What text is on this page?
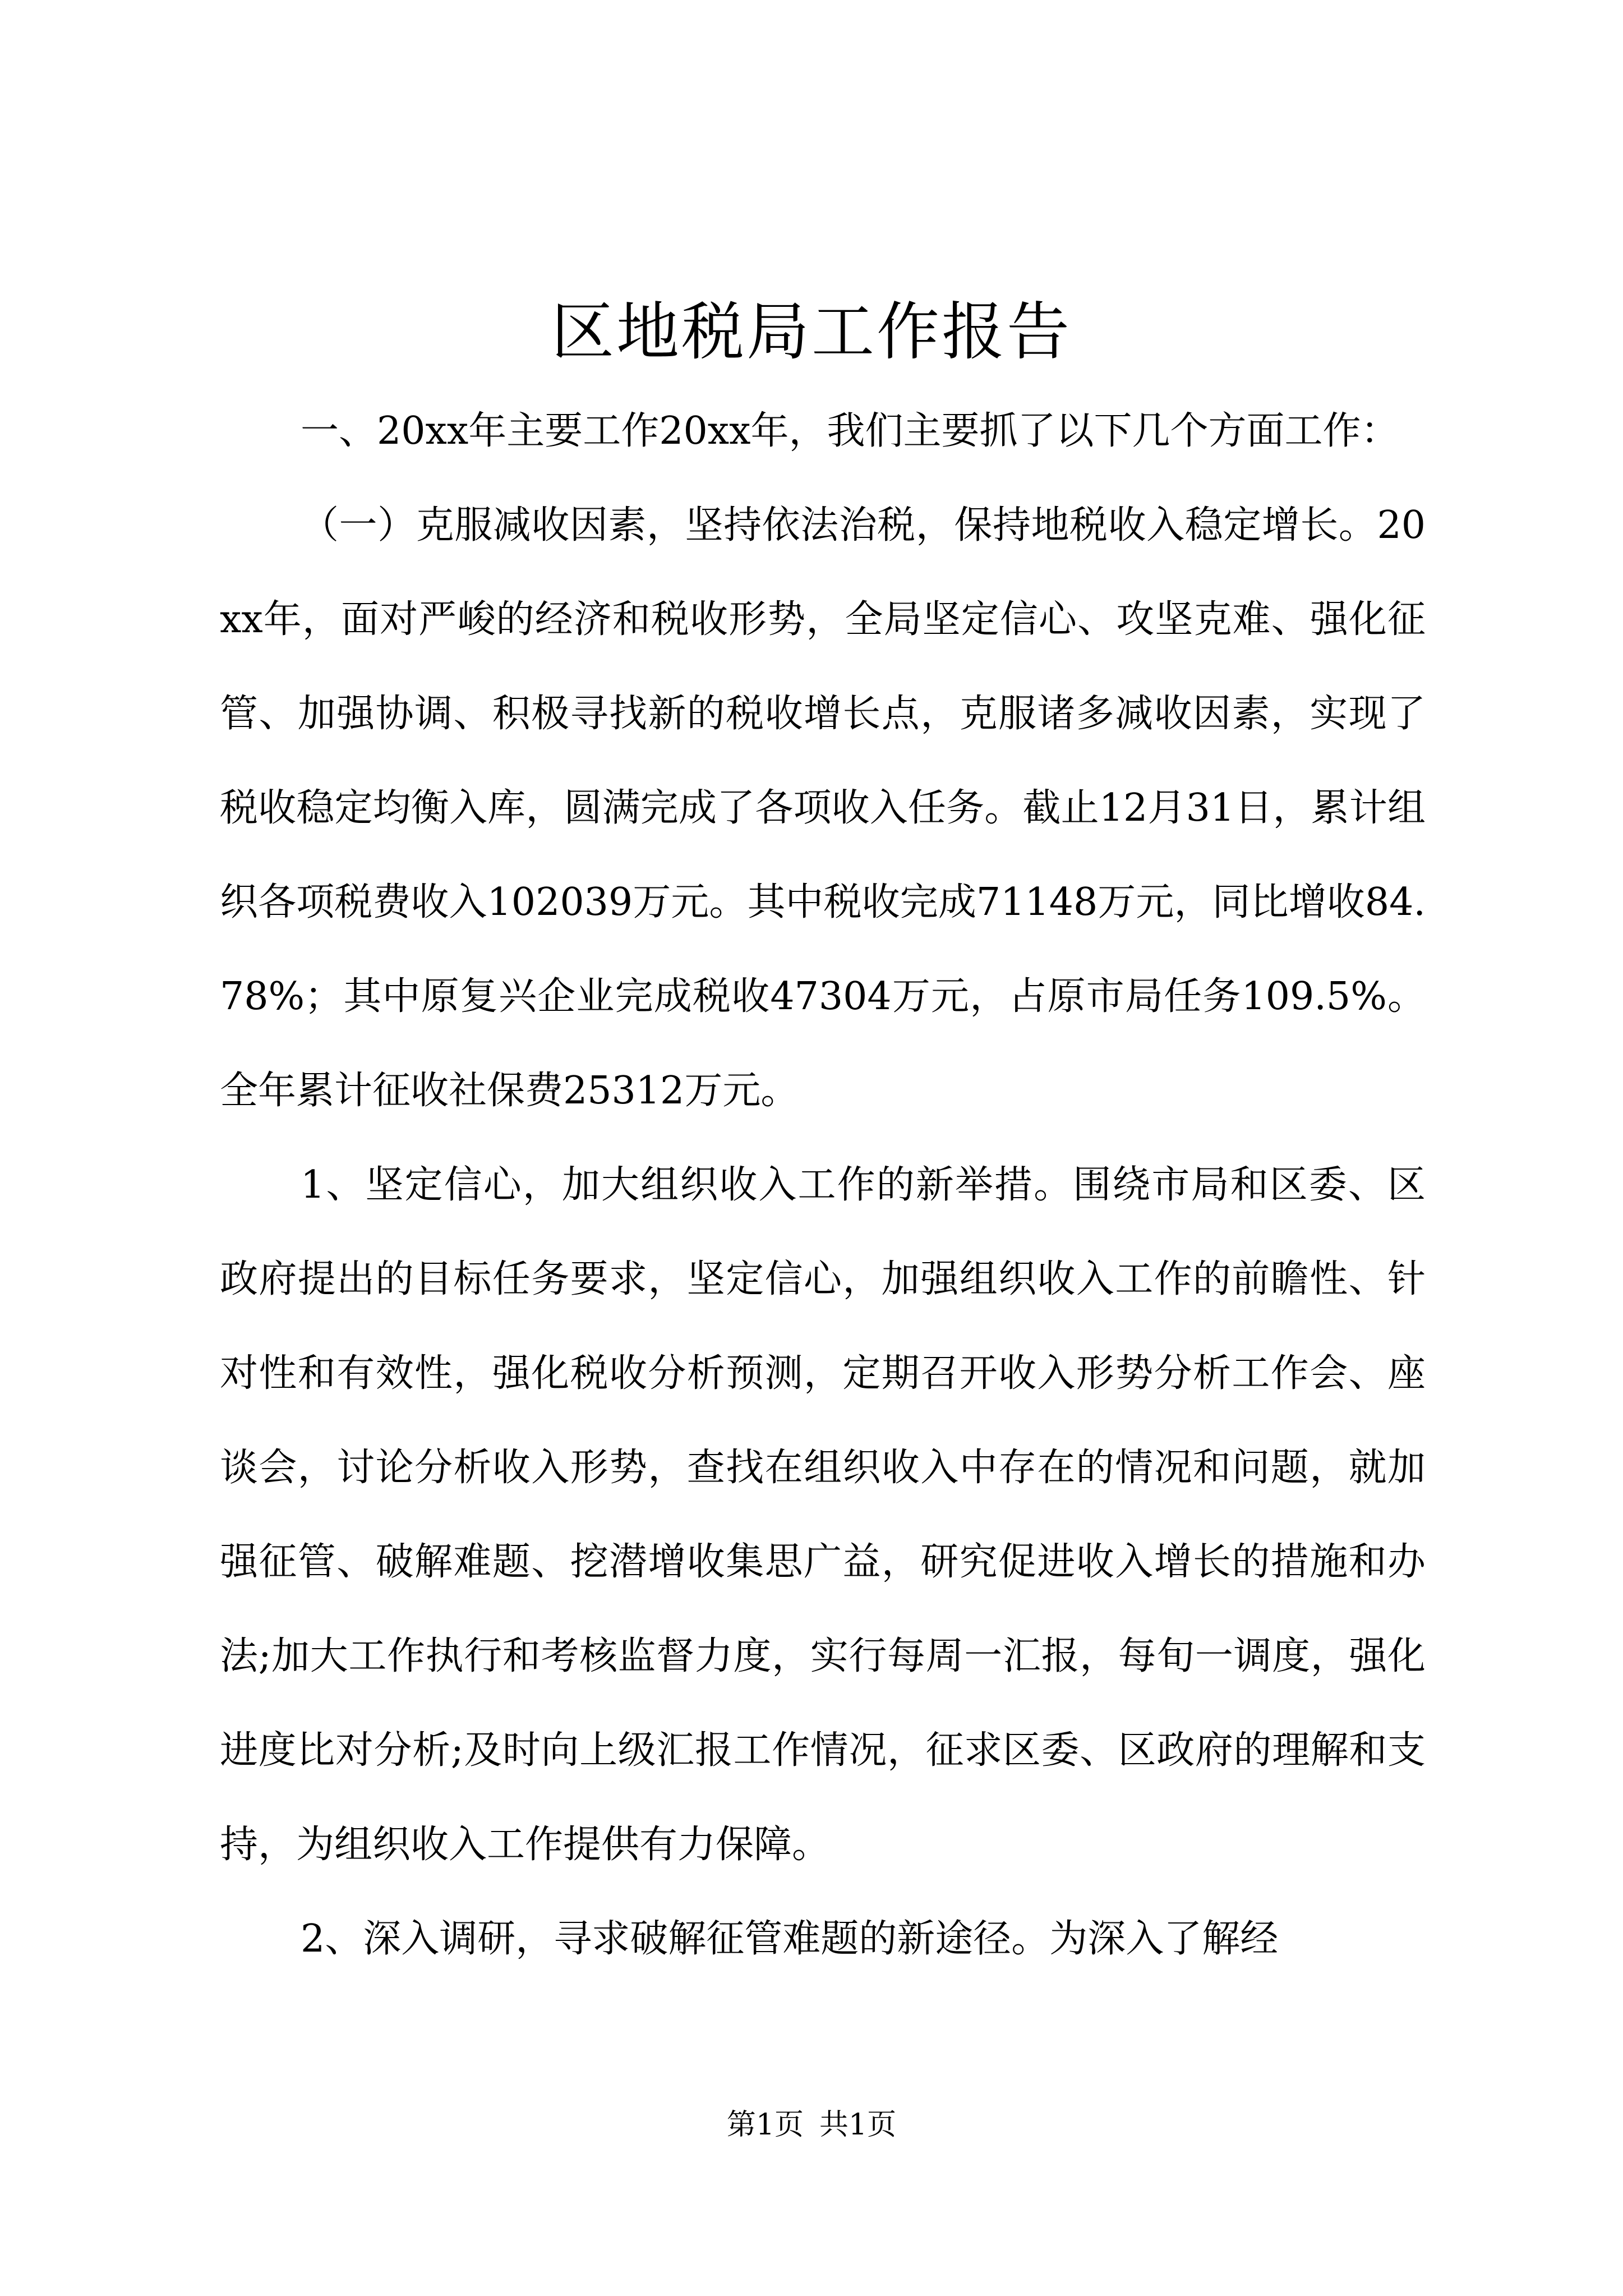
区地税局工作报告

一、20xx年主要工作20xx年，我们主要抓了以下几个方面工作：

（一）克服减收因素，坚持依法治税，保持地税收入稳定增长。20xx年，面对严峻的经济和税收形势，全局坚定信心、攻坚克难、强化征管、加强协调、积极寻找新的税收增长点，克服诸多减收因素，实现了税收稳定均衡入库，圆满完成了各项收入任务。截止12月31日，累计组织各项税费收入102039万元。其中税收完成71148万元，同比增收84.78%；其中原复兴企业完成税收47304万元，占原市局任务109.5%。全年累计征收社保费25312万元。

1、坚定信心，加大组织收入工作的新举措。围绕市局和区委、区政府提出的目标任务要求，坚定信心，加强组织收入工作的前瞻性、针对性和有效性，强化税收分析预测，定期召开收入形势分析工作会、座谈会，讨论分析收入形势，查找在组织收入中存在的情况和问题，就加强征管、破解难题、挖潜增收集思广益，研究促进收入增长的措施和办法;加大工作执行和考核监督力度，实行每周一汇报，每旬一调度，强化进度比对分析;及时向上级汇报工作情况，征求区委、区政府的理解和支持，为组织收入工作提供有力保障。

2、深入调研，寻求破解征管难题的新途径。为深入了解经

第1页 共1页
